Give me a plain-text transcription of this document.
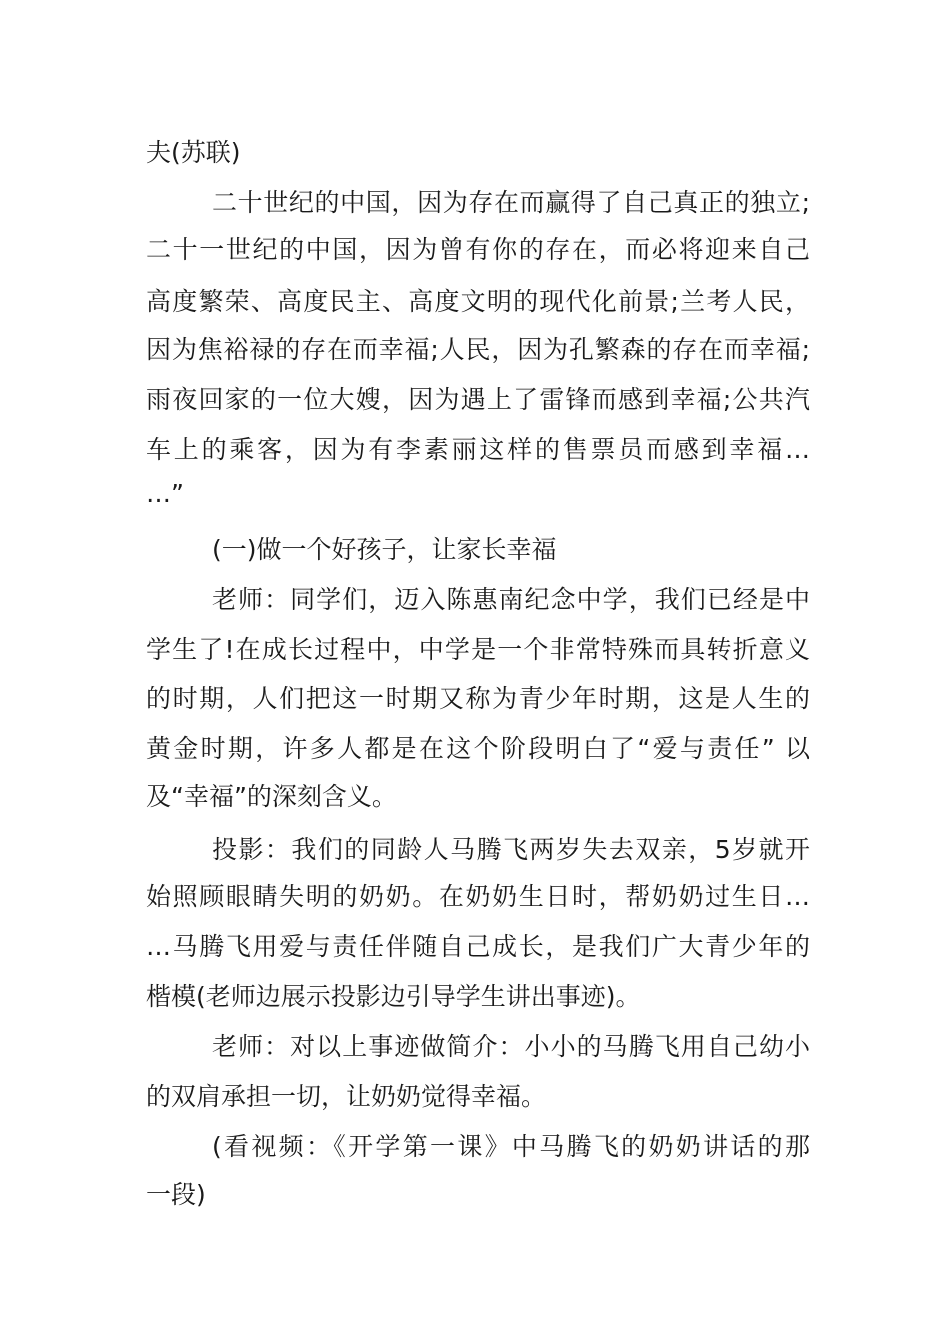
夫(苏联)
二十世纪的中国，因为存在而赢得了自己真正的独立;
二十一世纪的中国，因为曾有你的存在，而必将迎来自己
高度繁荣、高度民主、高度文明的现代化前景;兰考人民，
因为焦裕禄的存在而幸福;人民，因为孔繁森的存在而幸福;
雨夜回家的一位大嫂，因为遇上了雷锋而感到幸福;公共汽
车上的乘客，因为有李素丽这样的售票员而感到幸福…
…”
(一)做一个好孩子，让家长幸福
老师：同学们，迈入陈惠南纪念中学，我们已经是中
学生了!在成长过程中，中学是一个非常特殊而具转折意义
的时期，人们把这一时期又称为青少年时期，这是人生的
黄金时期，许多人都是在这个阶段明白了“爱与责任” 以
及“幸福”的深刻含义。
投影：我们的同龄人马腾飞两岁失去双亲，5岁就开
始照顾眼睛失明的奶奶。在奶奶生日时，帮奶奶过生日…
…马腾飞用爱与责任伴随自己成长，是我们广大青少年的
楷模(老师边展示投影边引导学生讲出事迹)。
老师：对以上事迹做简介：小小的马腾飞用自己幼小
的双肩承担一切，让奶奶觉得幸福。
(看视频：《开学第一课》中马腾飞的奶奶讲话的那
一段)
